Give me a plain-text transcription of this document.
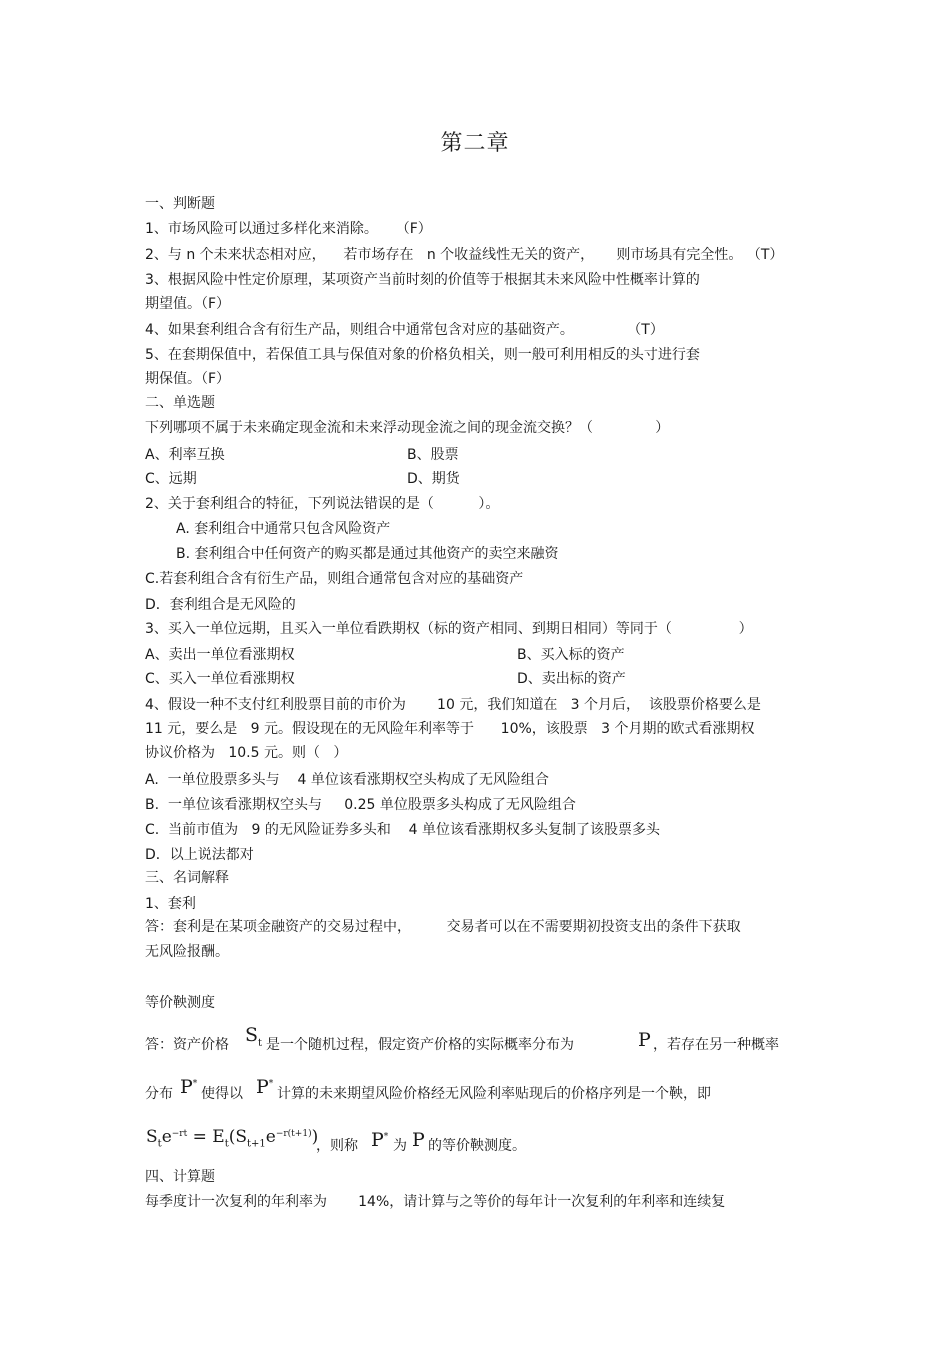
第二章
一、判断题
1、市场风险可以通过多样化来消除。    （F）
2、与 n 个未来状态相对应，    若市场存在   n 个收益线性无关的资产，     则市场具有完全性。 （T）
3、根据风险中性定价原理，某项资产当前时刻的价值等于根据其未来风险中性概率计算的
期望值。（F）
4、如果套利组合含有衍生产品，则组合中通常包含对应的基础资产。            （T）
5、在套期保值中，若保值工具与保值对象的价格负相关，则一般可利用相反的头寸进行套
期保值。（F）
二、单选题
下列哪项不属于未来确定现金流和未来浮动现金流之间的现金流交换？（              ）
A、利率互换	B、股票
C、远期	D、期货
2、关于套利组合的特征，下列说法错误的是（          ）。
A. 套利组合中通常只包含风险资产
B. 套利组合中任何资产的购买都是通过其他资产的卖空来融资
C.若套利组合含有衍生产品，则组合通常包含对应的基础资产
D．套利组合是无风险的
3、买入一单位远期，且买入一单位看跌期权（标的资产相同、到期日相同）等同于（               ）
A、卖出一单位看涨期权	B、买入标的资产
C、买入一单位看涨期权	D、卖出标的资产
4、假设一种不支付红利股票目前的市价为       10 元，我们知道在   3 个月后，  该股票价格要么是
11 元，要么是   9 元。假设现在的无风险年利率等于      10%，该股票   3 个月期的欧式看涨期权
协议价格为   10.5 元。则（   ）
A.  一单位股票多头与    4 单位该看涨期权空头构成了无风险组合
B.  一单位该看涨期权空头与     0.25 单位股票多头构成了无风险组合
C.  当前市值为   9 的无风险证券多头和    4 单位该看涨期权多头复制了该股票多头
D．以上说法都对
三、名词解释
1、套利
答：套利是在某项金融资产的交易过程中，        交易者可以在不需要期初投资支出的条件下获取
无风险报酬。
等价鞅测度
答：资产价格 $S_t$ 是一个随机过程，假定资产价格的实际概率分布为	P ，若存在另一种概率
分布 P*
使得以 P*
计算的未来期望风险价格经无风险利率贴现后的价格序列是一个鞅，即
$S_te^{-rt} = E_t(S_{t+1}e^{-r(t+1)})$
，则称 P*
为 P 的等价鞅测度。
四、计算题
每季度计一次复利的年利率为       14%，请计算与之等价的每年计一次复利的年利率和连续复
